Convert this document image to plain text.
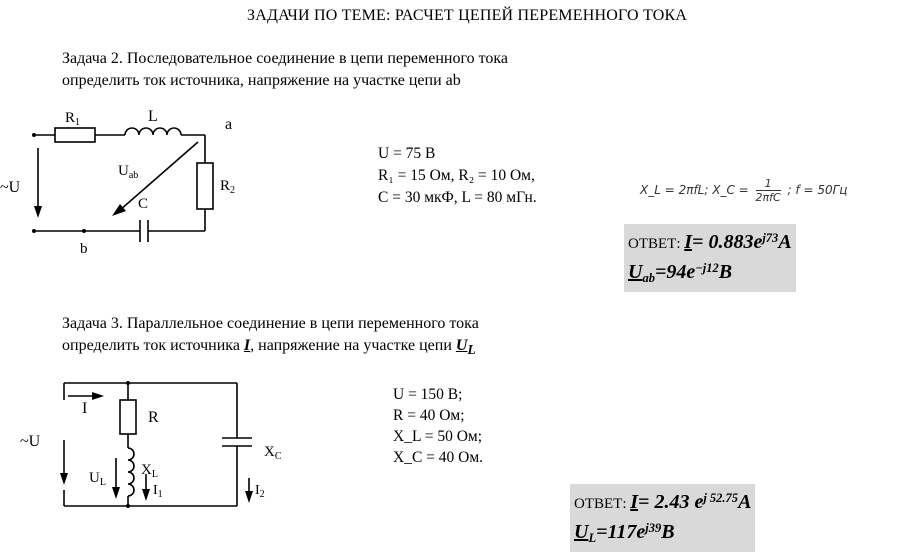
ЗАДАЧИ ПО ТЕМЕ: РАСЧЕТ ЦЕПЕЙ ПЕРЕМЕННОГО ТОКА
Задача 2. Последовательное соединение в цепи переменного тока
определить ток источника, напряжение на участке цепи ab
$R_1$	L	a
$R_2$
$U_{ab}$
C
~U
b
U = 75 В
R₁ = 15 Ом, R₂ = 10 Ом,
C = 30 мкФ, L = 80 мГн.	X_L = 2πfL; X_C = $\frac{1}{\text{2πfC}}$ ; f = 50Гц
ОТВЕТ: $I= 0.883e^{j73}A$
$U_{ab}=94e^{-j12}B$
Задача 3. Параллельное соединение в цепи переменного тока
определить ток источника I, напряжение на участке цепи $U_L$
~U
I
R
$X_L$
$U_L$
$I_1$
$X_C$
$I_2$
U = 150 В;
R = 40 Ом;
X_L = 50 Ом;
X_C = 40 Ом.
ОТВЕТ: I= 2.43 $e^{j 52.75}A$
$U_L=117e^{j39}B$
